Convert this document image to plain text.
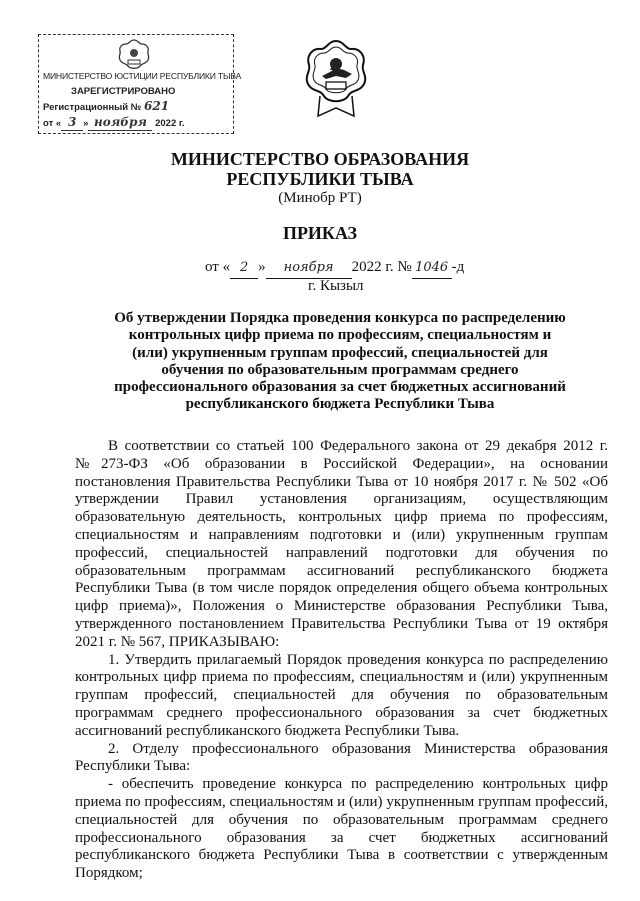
МИНИСТЕРСТВО ЮСТИЦИИ РЕСПУБЛИКИ ТЫВА
ЗАРЕГИСТРИРОВАНО
Регистрационный № 621
от « 3 » ноября 2022 г.
МИНИСТЕРСТВО ОБРАЗОВАНИЯ
РЕСПУБЛИКИ ТЫВА
(Минобр РТ)
ПРИКАЗ
от « 2 » ноября 2022 г. № 1046 -д
г. Кызыл
Об утверждении Порядка проведения конкурса по распределению контрольных цифр приема по профессиям, специальностям и (или) укрупненным группам профессий, специальностей для обучения по образовательным программам среднего профессионального образования за счет бюджетных ассигнований республиканского бюджета Республики Тыва

В соответствии со статьей 100 Федерального закона от 29 декабря 2012 г. №273-ФЗ «Об образовании в Российской Федерации», на основании постановления Правительства Республики Тыва от 10 ноября 2017 г. № 502 «Об утверждении Правил установления организациям, осуществляющим образовательную деятельность, контрольных цифр приема по профессиям, специальностям и направлениям подготовки и (или) укрупненным группам профессий, специальностей направлений подготовки для обучения по образовательным программам ассигнований республиканского бюджета Республики Тыва (в том числе порядок определения общего объема контрольных цифр приема)», Положения о Министерстве образования Республики Тыва, утвержденного постановлением Правительства Республики Тыва от 19 октября 2021 г. № 567, ПРИКАЗЫВАЮ:

1. Утвердить прилагаемый Порядок проведения конкурса по распределению контрольных цифр приема по профессиям, специальностям и (или) укрупненным группам профессий, специальностей для обучения по образовательным программам среднего профессионального образования за счет бюджетных ассигнований республиканского бюджета Республики Тыва.

2. Отделу профессионального образования Министерства образования Республики Тыва:

- обеспечить проведение конкурса по распределению контрольных цифр приема по профессиям, специальностям и (или) укрупненным группам профессий, специальностей для обучения по образовательным программам среднего профессионального образования за счет бюджетных ассигнований республиканского бюджета Республики Тыва в соответствии с утвержденным Порядком;
